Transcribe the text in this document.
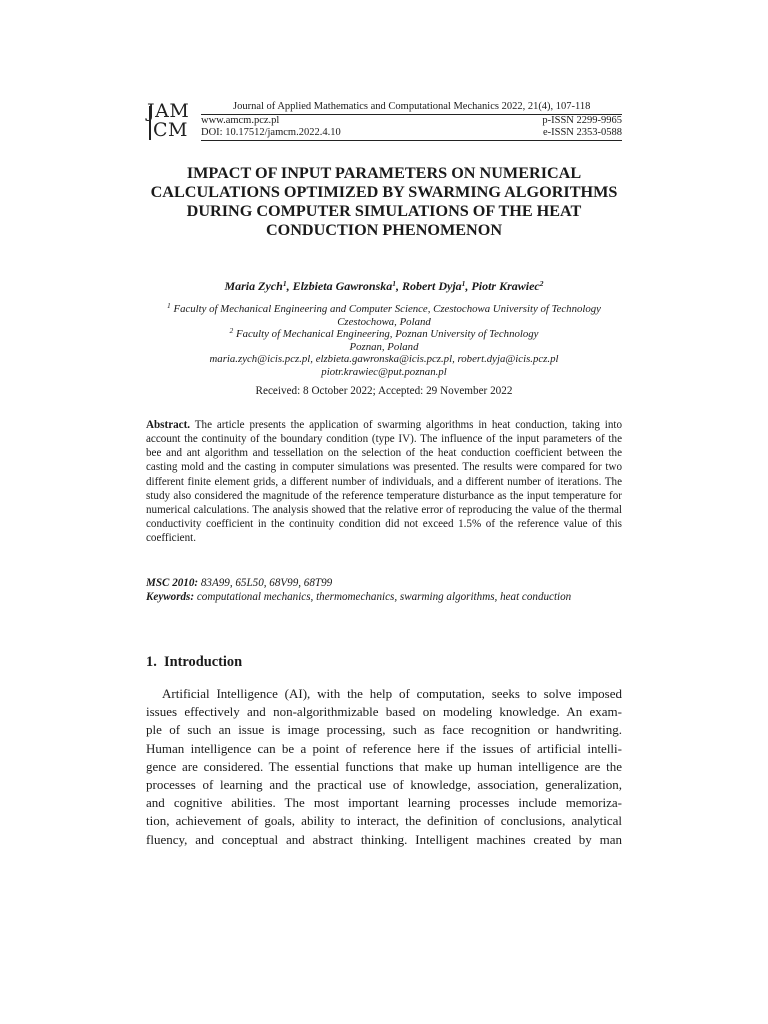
JAM
CM
Journal of Applied Mathematics and Computational Mechanics 2022, 21(4), 107-118
www.amcm.pcz.pl	p-ISSN 2299-9965
DOI: 10.17512/jamcm.2022.4.10	e-ISSN 2353-0588
IMPACT OF INPUT PARAMETERS ON NUMERICAL
CALCULATIONS OPTIMIZED BY SWARMING ALGORITHMS
DURING COMPUTER SIMULATIONS OF THE HEAT
CONDUCTION PHENOMENON
Maria Zych$^1$, Elzbieta Gawronska$^1$, Robert Dyja$^1$, Piotr Krawiec$^2$
$^1$ Faculty of Mechanical Engineering and Computer Science, Czestochowa University of Technology
Czestochowa, Poland
$^2$ Faculty of Mechanical Engineering, Poznan University of Technology
Poznan, Poland
maria.zych@icis.pcz.pl, elzbieta.gawronska@icis.pcz.pl, robert.dyja@icis.pcz.pl
piotr.krawiec@put.poznan.pl
Received: 8 October 2022; Accepted: 29 November 2022
Abstract. The article presents the application of swarming algorithms in heat conduction, taking into account the continuity of the boundary condition (type IV). The influence of the input parameters of the bee and ant algorithm and tessellation on the selection of the heat conduction coefficient between the casting mold and the casting in computer simulations was presented. The results were compared for two different finite element grids, a different number of individuals, and a different number of iterations. The study also considered the magnitude of the reference temperature disturbance as the input temperature for numerical calculations. The analysis showed that the relative error of reproducing the value of the thermal conductivity coefficient in the continuity condition did not exceed 1.5% of the reference value of this coefficient.
MSC 2010: 83A99, 65L50, 68V99, 68T99
Keywords: computational mechanics, thermomechanics, swarming algorithms, heat conduction
1. Introduction
Artificial Intelligence (AI), with the help of computation, seeks to solve imposed
issues effectively and non-algorithmizable based on modeling knowledge. An exam-
ple of such an issue is image processing, such as face recognition or handwriting.
Human intelligence can be a point of reference here if the issues of artificial intelli-
gence are considered. The essential functions that make up human intelligence are the
processes of learning and the practical use of knowledge, association, generalization,
and cognitive abilities. The most important learning processes include memoriza-
tion, achievement of goals, ability to interact, the definition of conclusions, analytical
fluency, and conceptual and abstract thinking. Intelligent machines created by man
